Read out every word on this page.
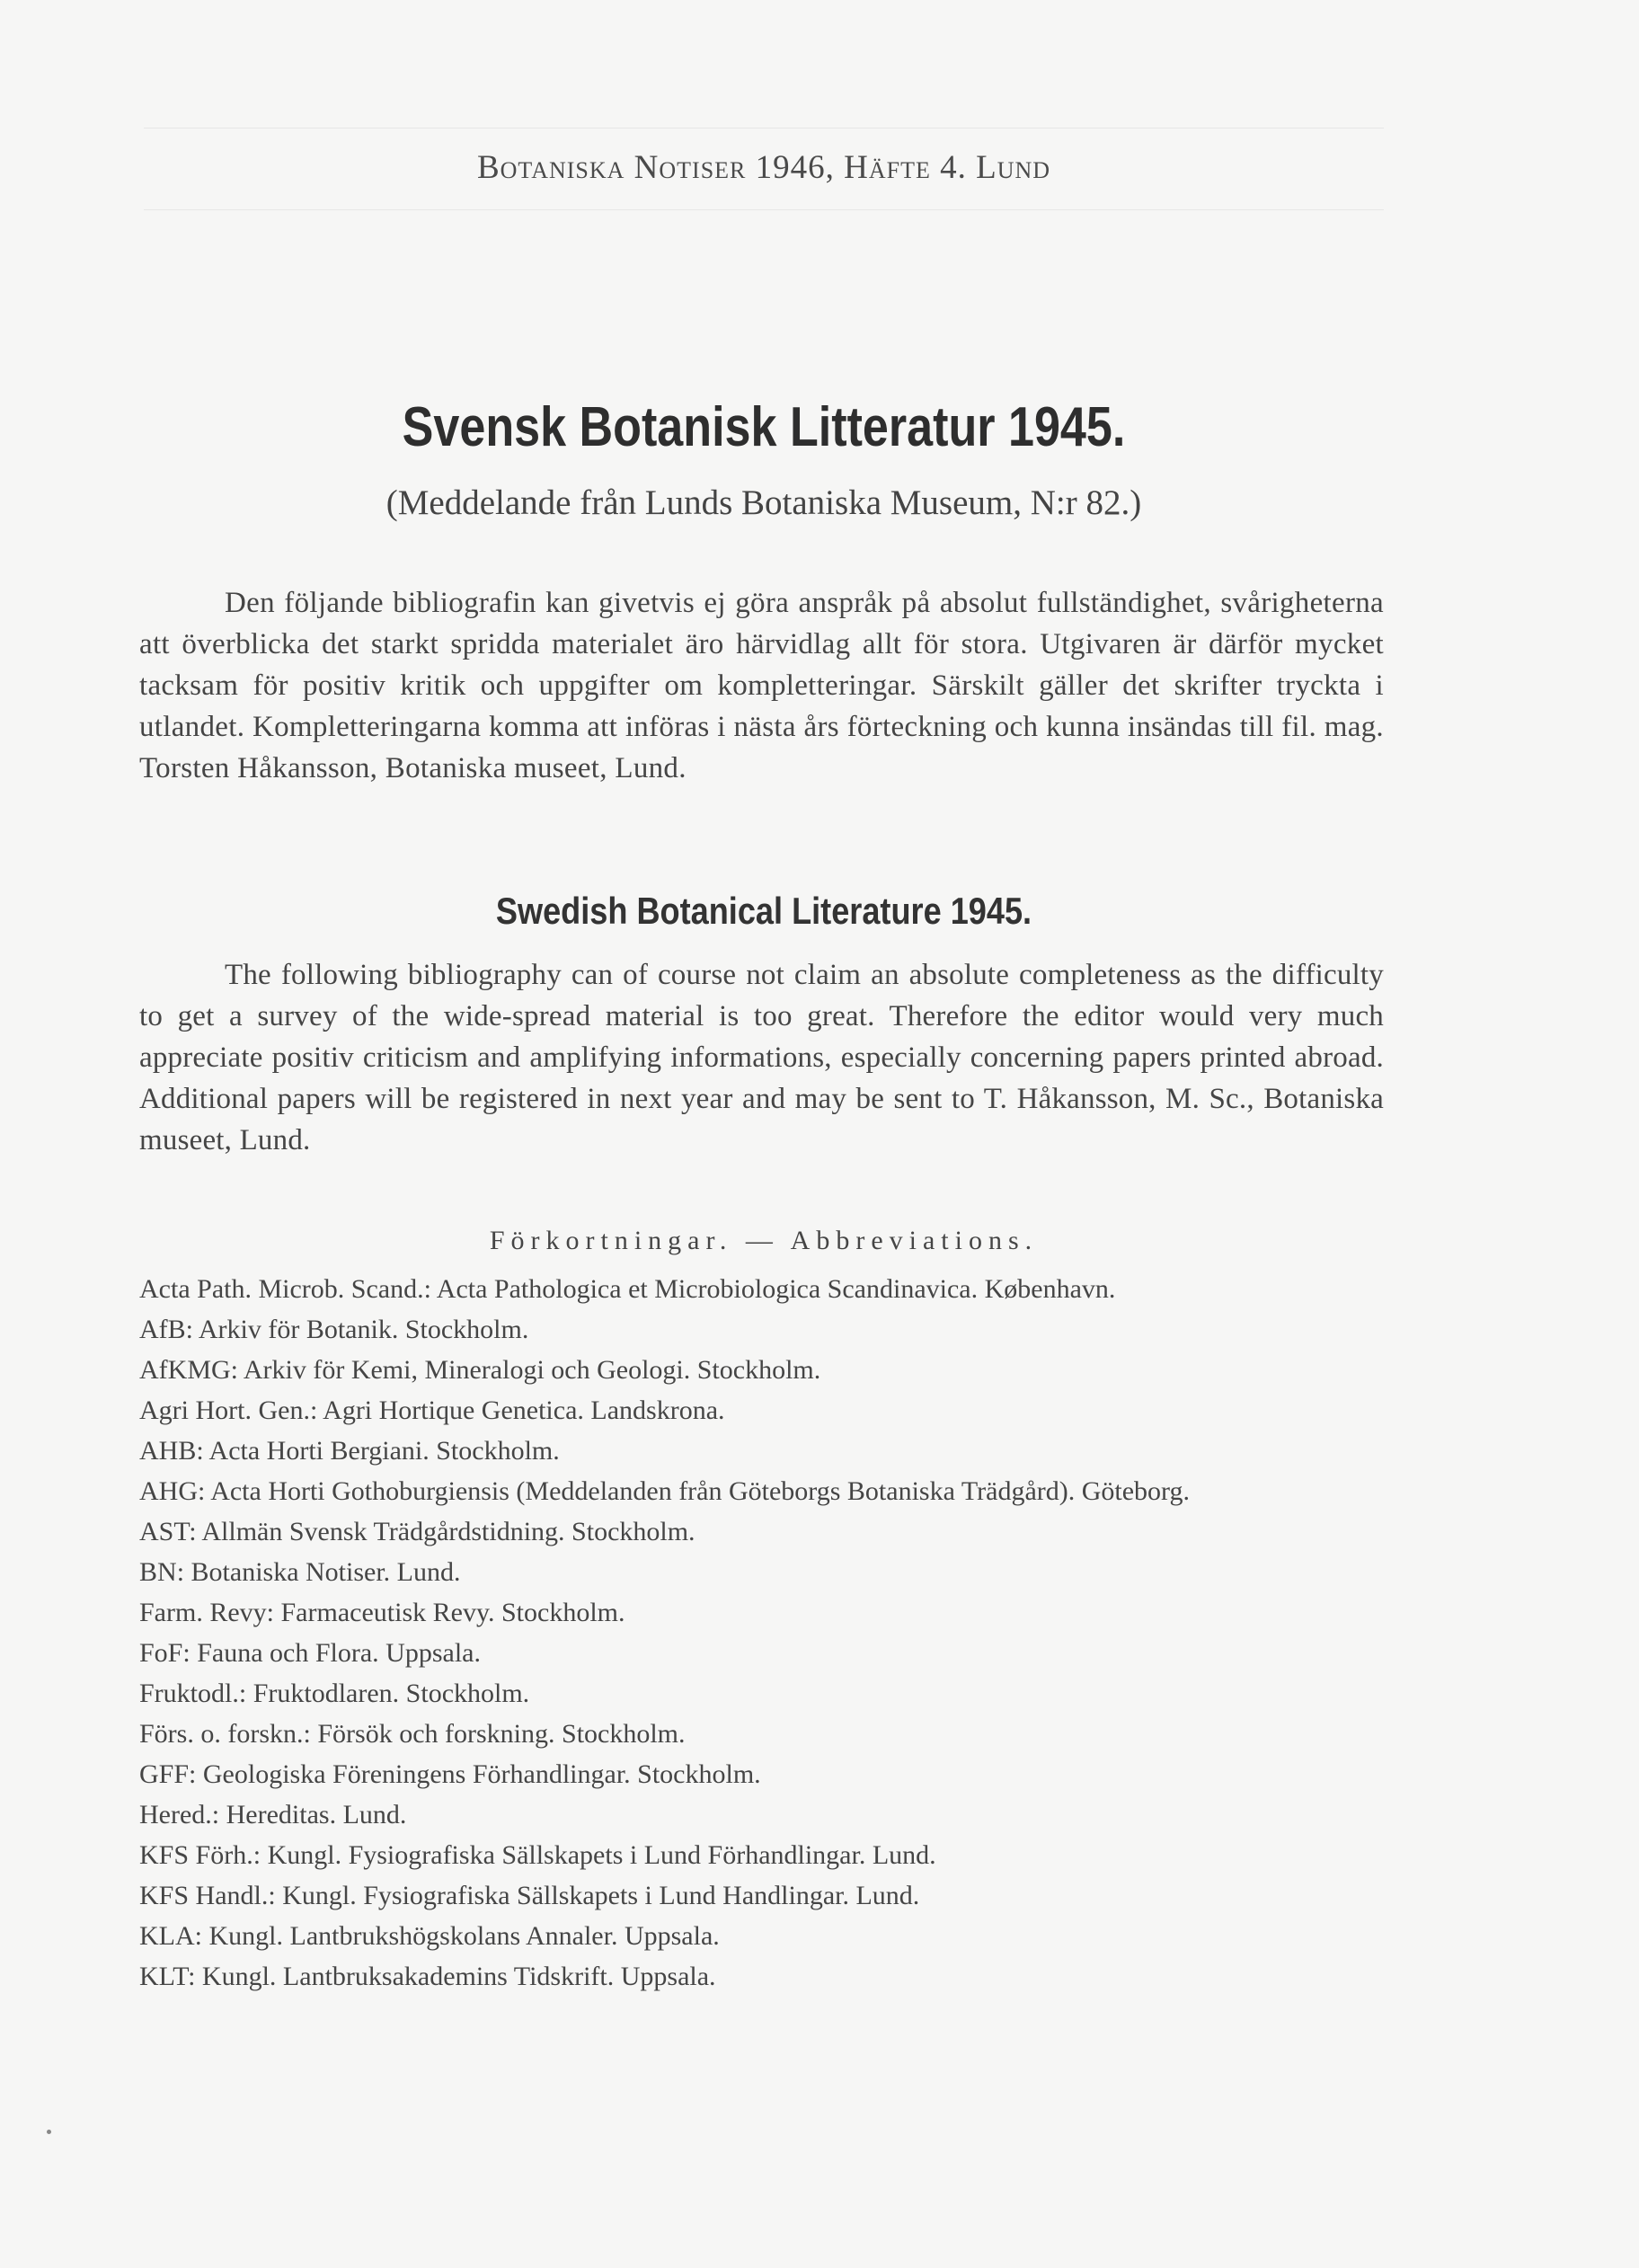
Botaniska Notiser 1946, Häfte 4. Lund
Svensk Botanisk Litteratur 1945.
(Meddelande från Lunds Botaniska Museum, N:r 82.)

Den följande bibliografin kan givetvis ej göra anspråk på absolut fullständighet, svårigheterna att överblicka det starkt spridda materialet äro härvidlag allt för stora. Utgivaren är därför mycket tacksam för positiv kritik och uppgifter om kompletteringar. Särskilt gäller det skrifter tryckta i utlandet. Kompletteringarna komma att införas i nästa års förteckning och kunna insändas till fil. mag. Torsten Håkansson, Botaniska museet, Lund.

Swedish Botanical Literature 1945.

The following bibliography can of course not claim an absolute completeness as the difficulty to get a survey of the wide-spread material is too great. Therefore the editor would very much appreciate positiv criticism and amplifying informations, especially concerning papers printed abroad. Additional papers will be registered in next year and may be sent to T. Håkansson, M. Sc., Botaniska museet, Lund.

Förkortningar. — Abbreviations.
Acta Path. Microb. Scand. : Acta Pathologica et Microbiologica Scandinavica. København.
AfB : Arkiv för Botanik. Stockholm.
AfKMG : Arkiv för Kemi, Mineralogi och Geologi. Stockholm.
Agri Hort. Gen. : Agri Hortique Genetica. Landskrona.
AHB : Acta Horti Bergiani. Stockholm.
AHG : Acta Horti Gothoburgiensis (Meddelanden från Göteborgs Botaniska Trädgård). Göteborg.
AST : Allmän Svensk Trädgårdstidning. Stockholm.
BN : Botaniska Notiser. Lund.
Farm. Revy : Farmaceutisk Revy. Stockholm.
FoF : Fauna och Flora. Uppsala.
Fruktodl. : Fruktodlaren. Stockholm.
Förs. o. forskn. : Försök och forskning. Stockholm.
GFF : Geologiska Föreningens Förhandlingar. Stockholm.
Hered. : Hereditas. Lund.
KFS Förh. : Kungl. Fysiografiska Sällskapets i Lund Förhandlingar. Lund.
KFS Handl. : Kungl. Fysiografiska Sällskapets i Lund Handlingar. Lund.
KLA : Kungl. Lantbrukshögskolans Annaler. Uppsala.
KLT : Kungl. Lantbruksakademins Tidskrift. Uppsala.
